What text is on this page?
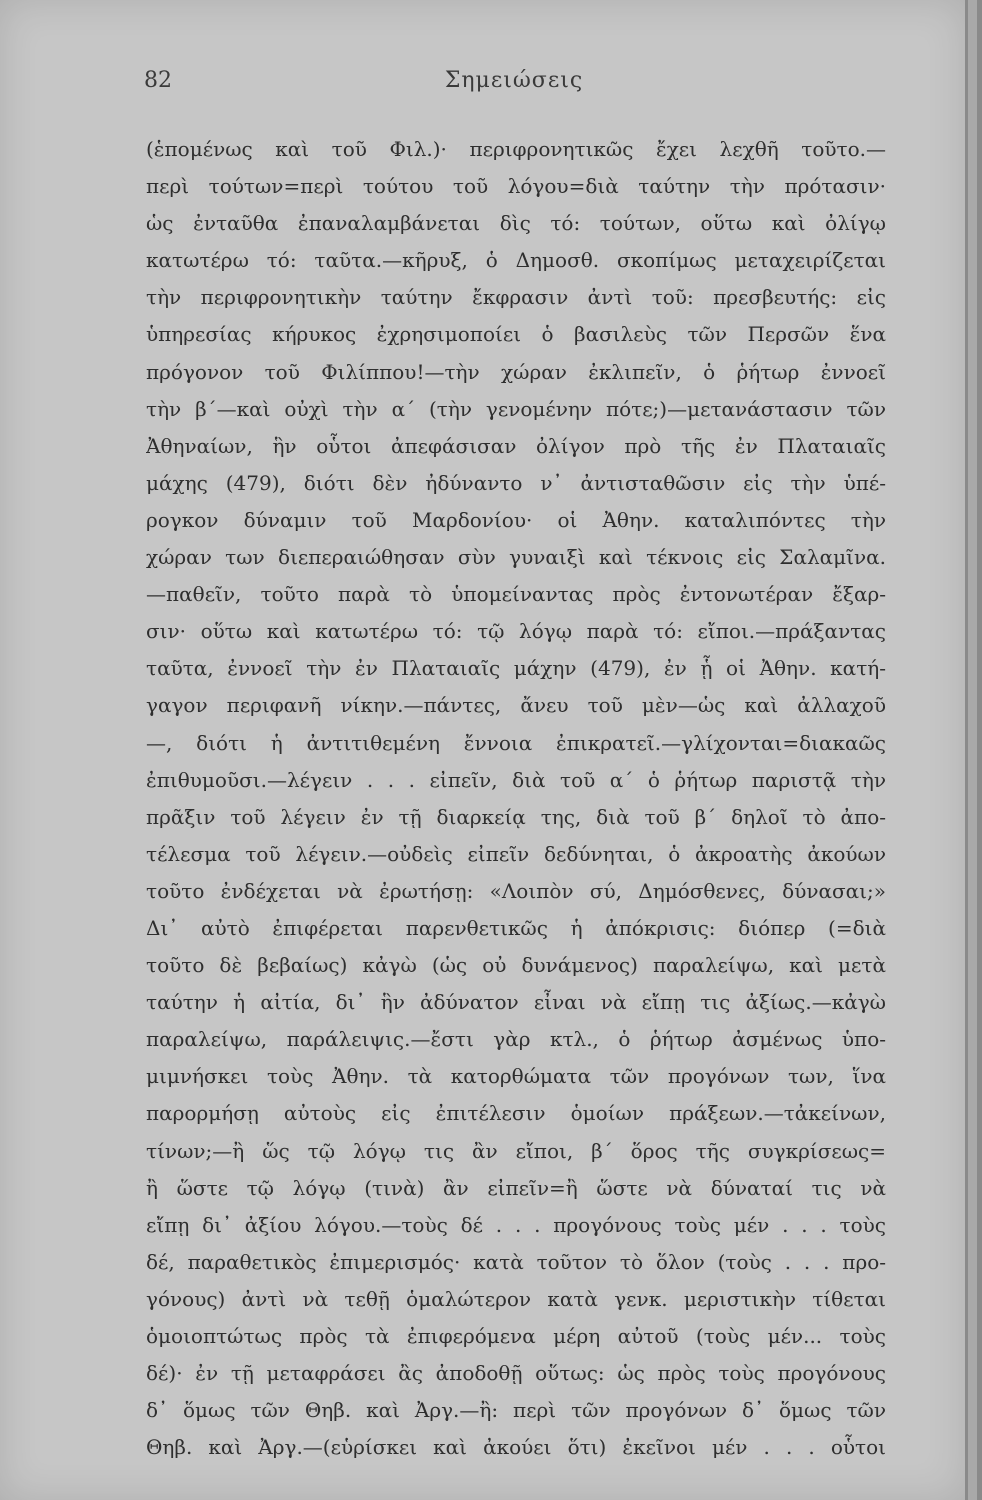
82	Σημειώσεις
(ἑπομένως καὶ τοῦ Φιλ.)· περιφρονητικῶς ἔχει λεχθῆ τοῦτο.—
περὶ τούτων=περὶ τούτου τοῦ λόγου=διὰ ταύτην τὴν πρότασιν·
ὡς ἐνταῦθα ἐπαναλαμβάνεται δὶς τό: τούτων, οὕτω καὶ ὀλίγῳ
κατωτέρω τό: ταῦτα.—κῆρυξ, ὁ Δημοσθ. σκοπίμως μεταχειρίζεται
τὴν περιφρονητικὴν ταύτην ἔκφρασιν ἀντὶ τοῦ: πρεσβευτής: εἰς
ὑπηρεσίας κήρυκος ἐχρησιμοποίει ὁ βασιλεὺς τῶν Περσῶν ἕνα
πρόγονον τοῦ Φιλίππου!—τὴν χώραν ἐκλιπεῖν, ὁ ῥήτωρ ἐννοεῖ
τὴν β΄—καὶ οὐχὶ τὴν α΄ (τὴν γενομένην πότε;)—μετανάστασιν τῶν
Ἀθηναίων, ἣν οὗτοι ἀπεφάσισαν ὀλίγον πρὸ τῆς ἐν Πλαταιαῖς
μάχης (479), διότι δὲν ἠδύναντο ν᾽ ἀντισταθῶσιν εἰς τὴν ὑπέ-
ρογκον δύναμιν τοῦ Μαρδονίου· οἱ Ἀθην. καταλιπόντες τὴν
χώραν των διεπεραιώθησαν σὺν γυναιξὶ καὶ τέκνοις εἰς Σαλαμῖνα.
—παθεῖν, τοῦτο παρὰ τὸ ὑπομείναντας πρὸς ἐντονωτέραν ἔξαρ-
σιν· οὕτω καὶ κατωτέρω τό: τῷ λόγῳ παρὰ τό: εἴποι.—πράξαντας
ταῦτα, ἐννοεῖ τὴν ἐν Πλαταιαῖς μάχην (479), ἐν ᾗ οἱ Ἀθην. κατή-
γαγον περιφανῆ νίκην.—πάντες, ἄνευ τοῦ μὲν—ὡς καὶ ἀλλαχοῦ
—, διότι ἡ ἀντιτιθεμένη ἔννοια ἐπικρατεῖ.—γλίχονται=διακαῶς
ἐπιθυμοῦσι.—λέγειν . . . εἰπεῖν, διὰ τοῦ α΄ ὁ ῥήτωρ παριστᾷ τὴν
πρᾶξιν τοῦ λέγειν ἐν τῇ διαρκείᾳ της, διὰ τοῦ β΄ δηλοῖ τὸ ἀπο-
τέλεσμα τοῦ λέγειν.—οὐδεὶς εἰπεῖν δεδύνηται, ὁ ἀκροατὴς ἀκούων
τοῦτο ἐνδέχεται νὰ ἐρωτήσῃ: «Λοιπὸν σύ, Δημόσθενες, δύνασαι;»
Δι᾽ αὐτὸ ἐπιφέρεται παρενθετικῶς ἡ ἀπόκρισις: διόπερ (=διὰ
τοῦτο δὲ βεβαίως) κἀγὼ (ὡς οὐ δυνάμενος) παραλείψω, καὶ μετὰ
ταύτην ἡ αἰτία, δι᾽ ἣν ἀδύνατον εἶναι νὰ εἴπῃ τις ἀξίως.—κἀγὼ
παραλείψω, παράλειψις.—ἔστι γὰρ κτλ., ὁ ῥήτωρ ἀσμένως ὑπο-
μιμνήσκει τοὺς Ἀθην. τὰ κατορθώματα τῶν προγόνων των, ἵνα
παρορμήσῃ αὐτοὺς εἰς ἐπιτέλεσιν ὁμοίων πράξεων.—τἀκείνων,
τίνων;—ἢ ὥς τῷ λόγῳ τις ἂν εἴποι, β΄ ὅρος τῆς συγκρίσεως=
ἢ ὥστε τῷ λόγῳ (τινὰ) ἂν εἰπεῖν=ἢ ὥστε νὰ δύναταί τις νὰ
εἴπῃ δι᾽ ἀξίου λόγου.—τοὺς δέ . . . προγόνους τοὺς μέν . . . τοὺς
δέ, παραθετικὸς ἐπιμερισμός· κατὰ τοῦτον τὸ ὅλον (τοὺς . . . προ-
γόνους) ἀντὶ νὰ τεθῇ ὁμαλώτερον κατὰ γενκ. μεριστικὴν τίθεται
ὁμοιοπτώτως πρὸς τὰ ἐπιφερόμενα μέρη αὐτοῦ (τοὺς μέν... τοὺς
δέ)· ἐν τῇ μεταφράσει ἂς ἀποδοθῇ οὕτως: ὡς πρὸς τοὺς προγόνους
δ᾽ ὅμως τῶν Θηβ. καὶ Ἀργ.—ἢ: περὶ τῶν προγόνων δ᾽ ὅμως τῶν
Θηβ. καὶ Ἀργ.—(εὑρίσκει καὶ ἀκούει ὅτι) ἐκεῖνοι μέν . . . οὗτοι
